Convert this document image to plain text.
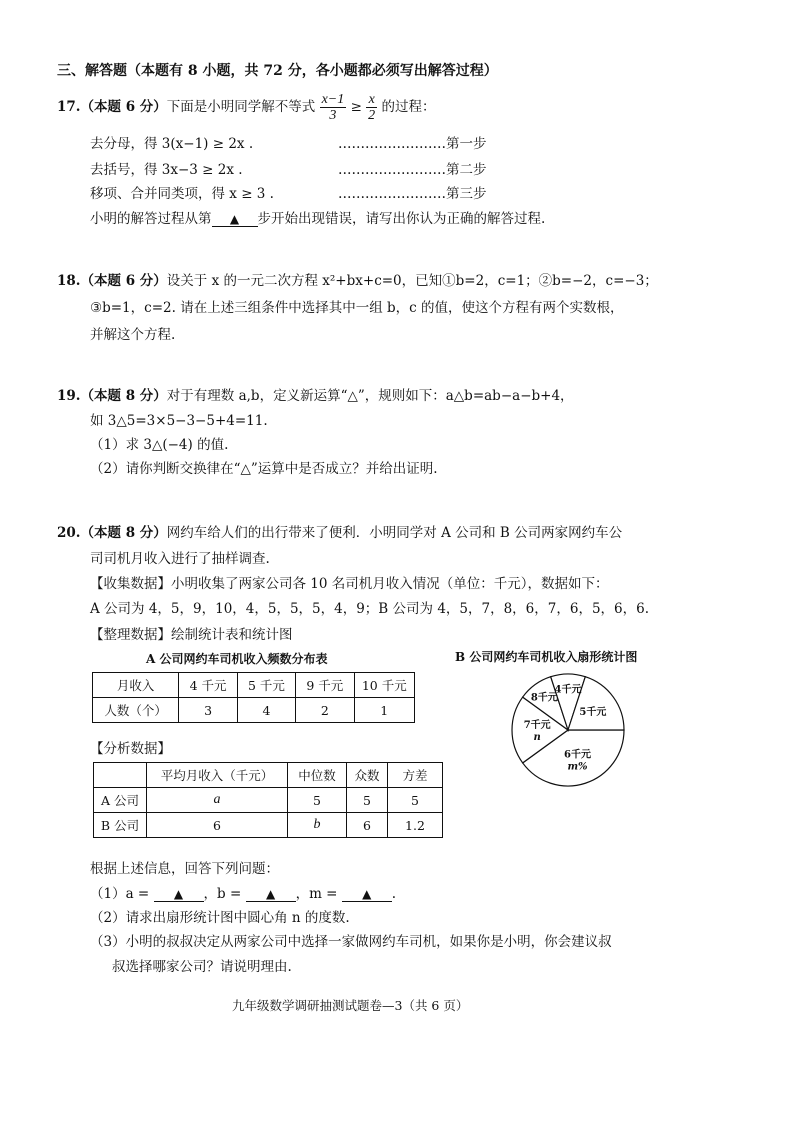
三、解答题（本题有 8 小题，共 72 分，各小题都必须写出解答过程）
17.（本题 6 分）下面是小明同学解不等式 $\frac{x-1}{3} \ge \frac{x}{2}$ 的过程：
去分母，得 3(x−1) ≥ 2x .	……………………第一步
去括号，得 3x−3 ≥ 2x .	……………………第二步
移项、合并同类项，得 x ≥ 3 .	……………………第三步
小明的解答过程从第 ▲ 步开始出现错误，请写出你认为正确的解答过程.
18.（本题 6 分）设关于 x 的一元二次方程 x²+bx+c=0，已知①b=2，c=1；②b=−2，c=−3；
③b=1，c=2. 请在上述三组条件中选择其中一组 b，c 的值，使这个方程有两个实数根，
并解这个方程.
19.（本题 8 分）对于有理数 a,b，定义新运算“△”，规则如下：a△b=ab−a−b+4，
如 3△5=3×5−3−5+4=11.
（1）求 3△(−4) 的值.
（2）请你判断交换律在“△”运算中是否成立？并给出证明.
20.（本题 8 分）网约车给人们的出行带来了便利．小明同学对 A 公司和 B 公司两家网约车公
司司机月收入进行了抽样调查.
【收集数据】小明收集了两家公司各 10 名司机月收入情况（单位：千元），数据如下：
A 公司为 4，5，9，10，4，5，5，5，4，9；B 公司为 4，5，7，8，6，7，6，5，6，6.
【整理数据】绘制统计表和统计图
A 公司网约车司机收入频数分布表
月收入	4 千元	5 千元	9 千元	10 千元
人数（个）	3	4	2	1
B 公司网约车司机收入扇形统计图
6千元
m%
7千元
n
8千元
4千元
5千元
【分析数据】
	平均月收入（千元）	中位数	众数	方差
A 公司	a	5	5	5
B 公司	6	b	6	1.2
根据上述信息，回答下列问题：
（1）a = ▲ ，b = ▲ ，m = ▲ .
（2）请求出扇形统计图中圆心角 n 的度数.
（3）小明的叔叔决定从两家公司中选择一家做网约车司机，如果你是小明，你会建议叔
叔选择哪家公司？请说明理由.
九年级数学调研抽测试题卷—3（共 6 页）
